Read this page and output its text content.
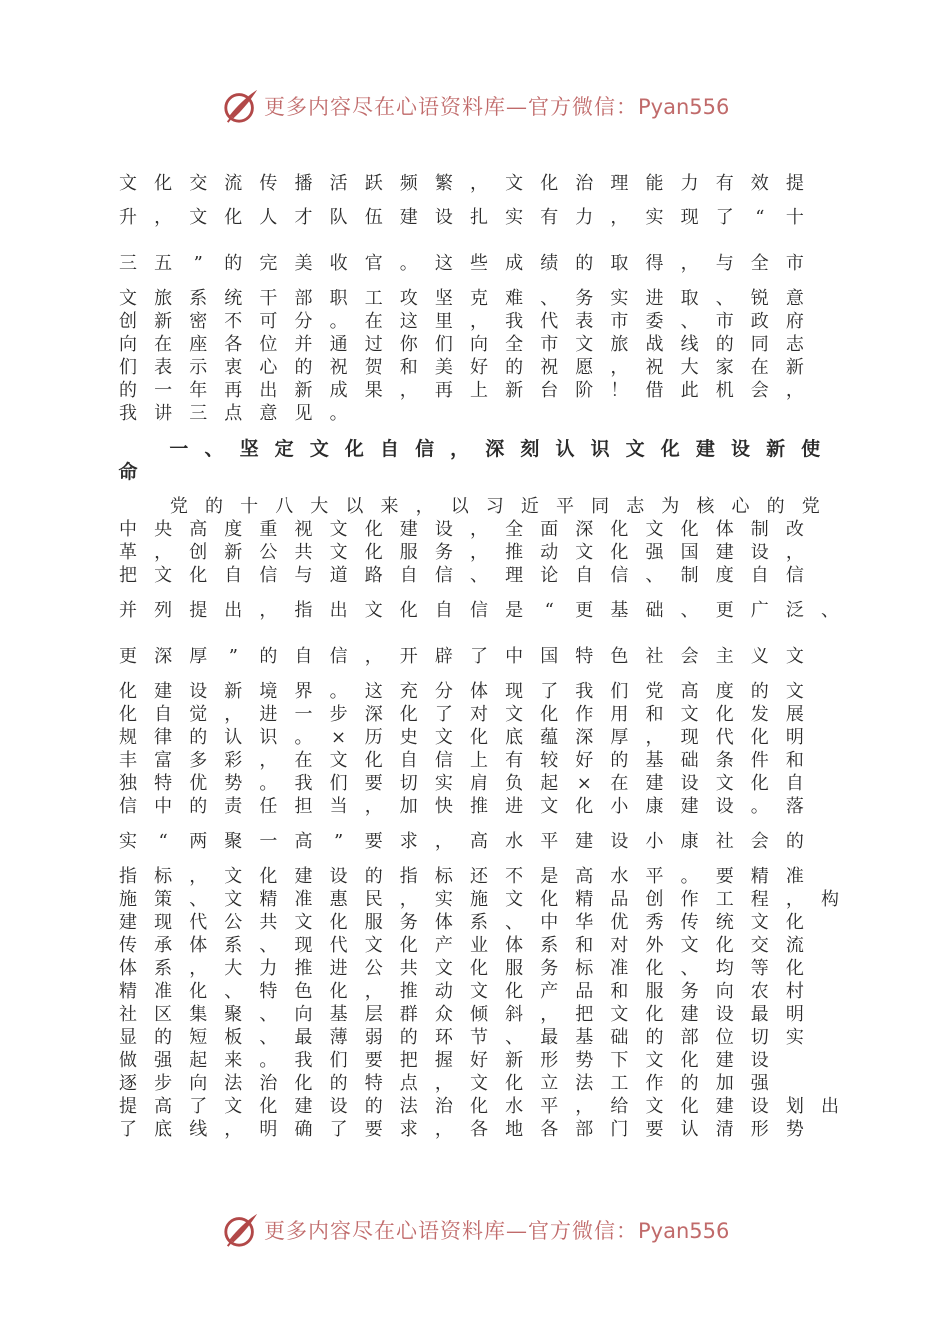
更多内容尽在心语资料库—官方微信：Pyan556
文 化 交 流 传 播 活 跃 频 繁 ， 文 化 治 理 能 力 有 效 提
升 ， 文 化 人 才 队 伍 建 设 扎 实 有 力 ， 实 现 了	“	十
三 五	”	的 完 美 收 官 。 这 些 成 绩 的 取 得 ， 与 全 市
文 旅 系 统 干 部 职 工 攻 坚 克 难 、 务 实 进 取 、 锐 意
创 新 密 不 可 分 。 在 这 里 ， 我 代 表 市 委 、 市 政 府
向 在 座 各 位 并 通 过 你 们 向 全 市 文 旅 战 线 的 同 志
们 表 示 衷 心 的 祝 贺 和 美 好 的 祝 愿 ， 祝 大 家 在 新
的 一 年 再 出 新 成 果 ， 再 上 新 台 阶 ！ 借 此 机 会 ，
我 讲 三 点 意 见 。
一 、 坚 定 文 化 自 信 ， 深 刻 认 识 文 化 建 设 新 使
命
党 的 十 八 大 以 来 ， 以 习 近 平 同 志 为 核 心 的 党
中 央 高 度 重 视 文 化 建 设 ， 全 面 深 化 文 化 体 制 改
革 ， 创 新 公 共 文 化 服 务 ， 推 动 文 化 强 国 建 设 ，
把 文 化 自 信 与 道 路 自 信 、 理 论 自 信 、 制 度 自 信
并 列 提 出 ， 指 出 文 化 自 信 是	“	更 基 础 、 更 广 泛 、
更 深 厚	”	的 自 信 ， 开 辟 了 中 国 特 色 社 会 主 义 文
化 建 设 新 境 界 。 这 充 分 体 现 了 我 们 党 高 度 的 文
化 自 觉 ， 进 一 步 深 化 了 对 文 化 作 用 和 文 化 发 展
规 律 的 认 识 。 × 历 史 文 化 底 蕴 深 厚 ， 现 代 化 明
丰 富 多 彩 ， 在 文 化 自 信 上 有 较 好 的 基 础 条 件 和
独 特 优 势 。 我 们 要 切 实 肩 负 起 × 在 建 设 文 化 自
信 中 的 责 任 担 当 ， 加 快 推 进 文 化 小 康 建 设 。 落
实	“	两 聚 一 高	”	要 求 ， 高 水 平 建 设 小 康 社 会 的
指 标 ， 文 化 建 设 的 指 标 还 不 是 高 水 平 。 要 精 准
施 策 、 文 精 准 惠 民 ， 实 施 文 化 精 品 创 作 工 程 ， 构
建 现 代 公 共 文 化 服 务 体 系 、 中 华 优 秀 传 统 文 化
传 承 体 系 、 现 代 文 化 产 业 体 系 和 对 外 文 化 交 流
体 系 ， 大 力 推 进 公 共 文 化 服 务 标 准 化 、 均 等 化
精 准 化 、 特 色 化 ， 推 动 文 化 产 品 和 服 务 向 农 村
社 区 集 聚 、 向 基 层 群 众 倾 斜 ， 把 文 化 建 设 最 明
显 的 短 板 、 最 薄 弱 的 环 节 、 最 基 础 的 部 位 切 实
做 强 起 来 。 我 们 要 把 握 好 新 形 势 下 文 化 建 设
逐 步 向 法 治 化 的 特 点 ， 文 化 立 法 工 作 的 加 强
提 高 了 文 化 建 设 的 法 治 化 水 平 ， 给 文 化 建 设 划 出
了 底 线 ， 明 确 了 要 求 ， 各 地 各 部 门 要 认 清 形 势
更多内容尽在心语资料库—官方微信：Pyan556
